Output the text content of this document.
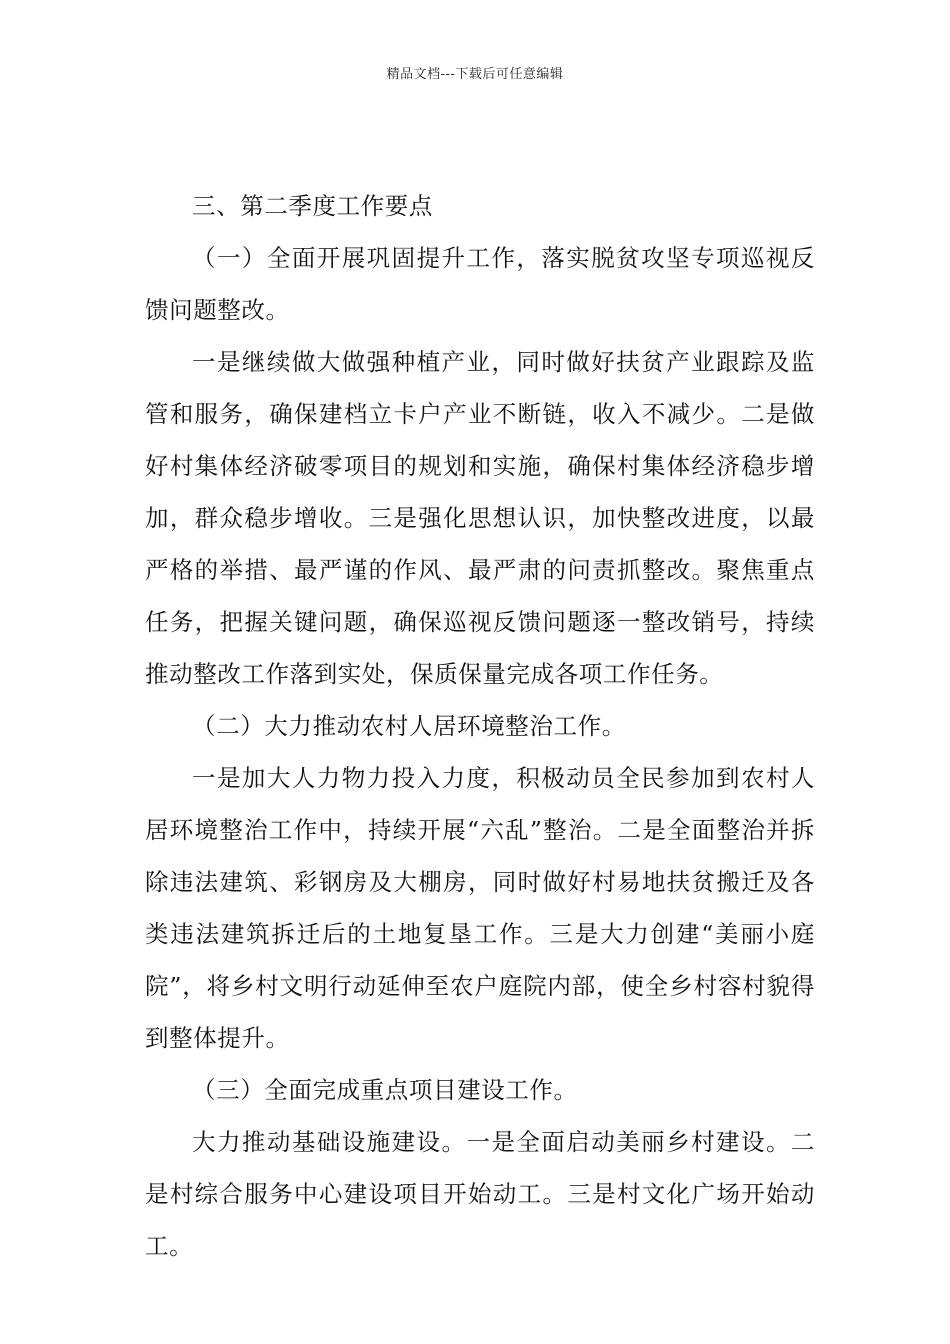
精品文档---下载后可任意编辑

三、第二季度工作要点

（一）全面开展巩固提升工作，落实脱贫攻坚专项巡视反馈问题整改。

一是继续做大做强种植产业，同时做好扶贫产业跟踪及监管和服务，确保建档立卡户产业不断链，收入不减少。二是做好村集体经济破零项目的规划和实施，确保村集体经济稳步增加，群众稳步增收。三是强化思想认识，加快整改进度，以最严格的举措、最严谨的作风、最严肃的问责抓整改。聚焦重点任务，把握关键问题，确保巡视反馈问题逐一整改销号，持续推动整改工作落到实处，保质保量完成各项工作任务。

（二）大力推动农村人居环境整治工作。

一是加大人力物力投入力度，积极动员全民参加到农村人居环境整治工作中，持续开展“六乱”整治。二是全面整治并拆除违法建筑、彩钢房及大棚房，同时做好村易地扶贫搬迁及各类违法建筑拆迁后的土地复垦工作。三是大力创建“美丽小庭院”，将乡村文明行动延伸至农户庭院内部，使全乡村容村貌得到整体提升。

（三）全面完成重点项目建设工作。

大力推动基础设施建设。一是全面启动美丽乡村建设。二是村综合服务中心建设项目开始动工。三是村文化广场开始动工。
